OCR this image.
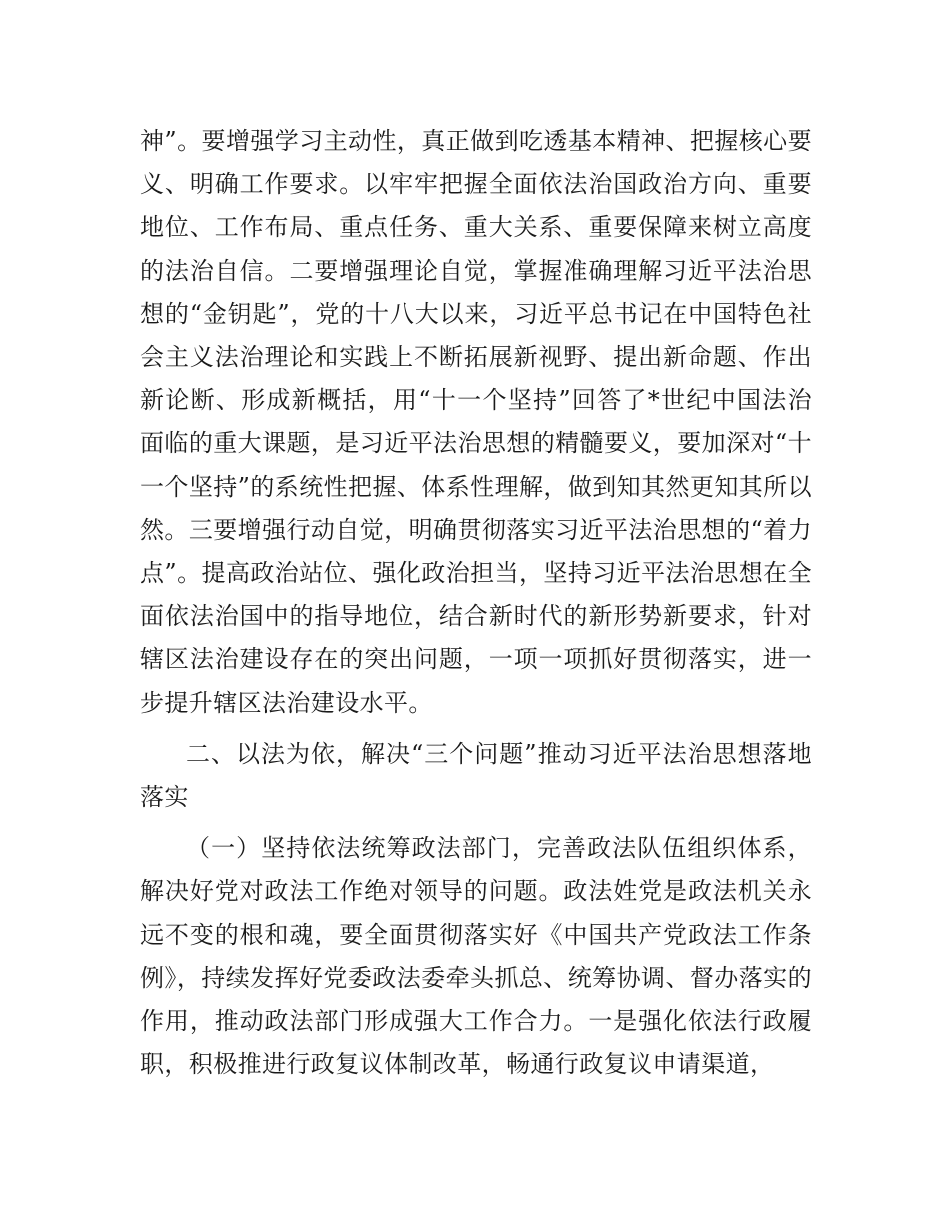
神”。要增强学习主动性，真正做到吃透基本精神、把握核心要义、明确工作要求。以牢牢把握全面依法治国政治方向、重要地位、工作布局、重点任务、重大关系、重要保障来树立高度的法治自信。二要增强理论自觉，掌握准确理解习近平法治思想的“金钥匙”，党的十八大以来，习近平总书记在中国特色社会主义法治理论和实践上不断拓展新视野、提出新命题、作出新论断、形成新概括，用“十一个坚持”回答了*世纪中国法治面临的重大课题，是习近平法治思想的精髓要义，要加深对“十一个坚持”的系统性把握、体系性理解，做到知其然更知其所以然。三要增强行动自觉，明确贯彻落实习近平法治思想的“着力点”。提高政治站位、强化政治担当，坚持习近平法治思想在全面依法治国中的指导地位，结合新时代的新形势新要求，针对辖区法治建设存在的突出问题，一项一项抓好贯彻落实，进一步提升辖区法治建设水平。

二、以法为依，解决“三个问题”推动习近平法治思想落地落实

（一）坚持依法统筹政法部门，完善政法队伍组织体系，解决好党对政法工作绝对领导的问题。政法姓党是政法机关永远不变的根和魂，要全面贯彻落实好《中国共产党政法工作条例》，持续发挥好党委政法委牵头抓总、统筹协调、督办落实的作用，推动政法部门形成强大工作合力。一是强化依法行政履职，积极推进行政复议体制改革，畅通行政复议申请渠道，
